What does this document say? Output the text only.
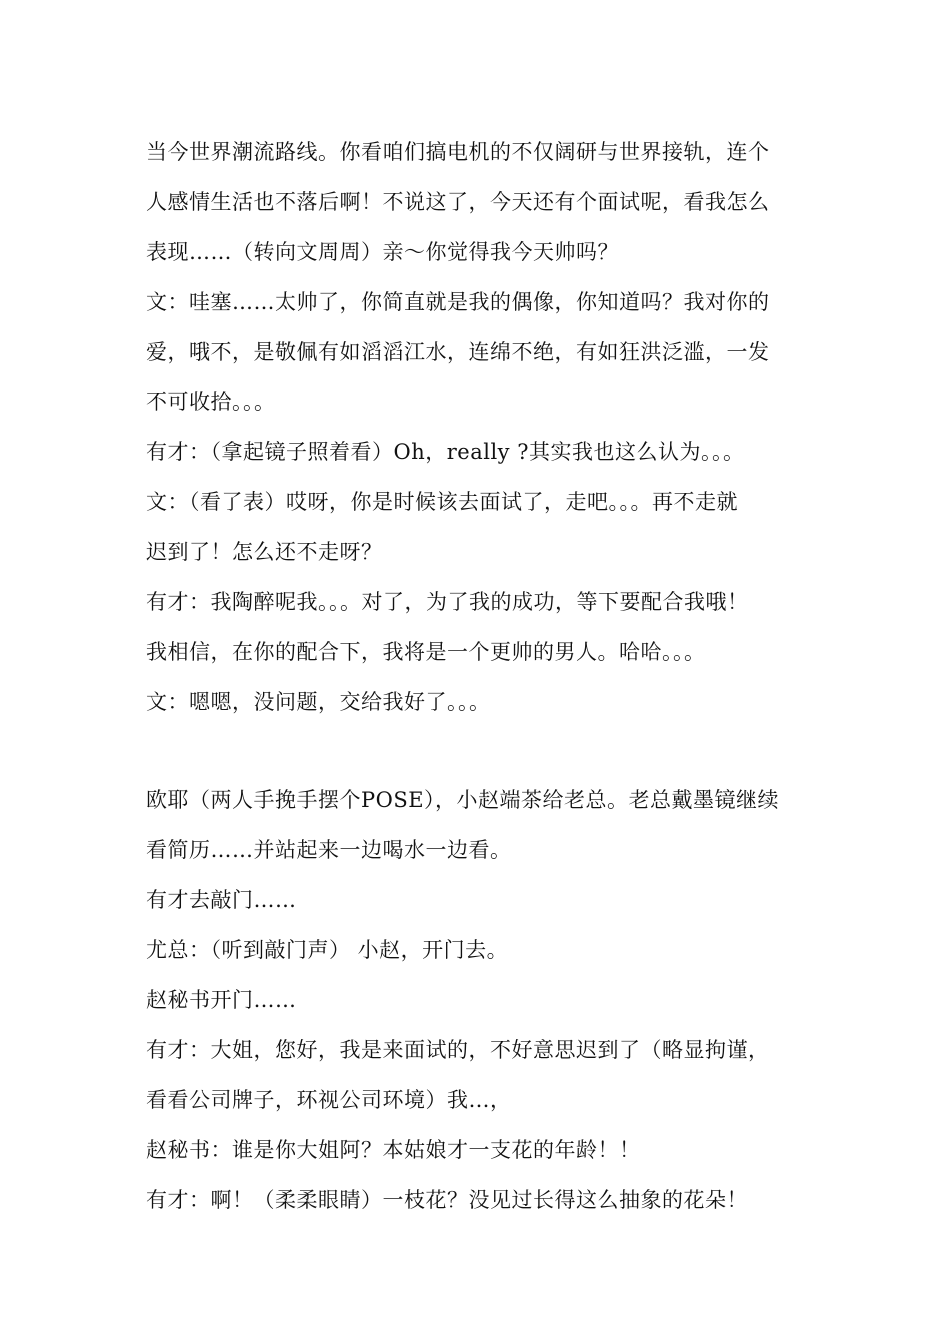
当今世界潮流路线。你看咱们搞电机的不仅阔研与世界接轨，连个
人感情生活也不落后啊！不说这了，今天还有个面试呢，看我怎么
表现……（转向文周周）亲～你觉得我今天帅吗？
文：哇塞……太帅了，你简直就是我的偶像，你知道吗？我对你的
爱，哦不，是敬佩有如滔滔江水，连绵不绝，有如狂洪泛滥，一发
不可收拾。。。
有才：（拿起镜子照着看）Oh，really ?其实我也这么认为。。。
文：（看了表）哎呀，你是时候该去面试了，走吧。。。再不走就
迟到了！怎么还不走呀？
有才：我陶醉呢我。。。对了，为了我的成功，等下要配合我哦！
我相信，在你的配合下，我将是一个更帅的男人。哈哈。。。
文：嗯嗯，没问题，交给我好了。。。
欧耶（两人手挽手摆个POSE），小赵端茶给老总。老总戴墨镜继续
看简历……并站起来一边喝水一边看。
有才去敲门……
尤总：（听到敲门声） 小赵，开门去。
赵秘书开门……
有才：大姐，您好，我是来面试的，不好意思迟到了（略显拘谨，
看看公司牌子，环视公司环境）我…，
赵秘书：谁是你大姐阿？本姑娘才一支花的年龄！！
有才：啊！（柔柔眼睛）一枝花？没见过长得这么抽象的花朵！
